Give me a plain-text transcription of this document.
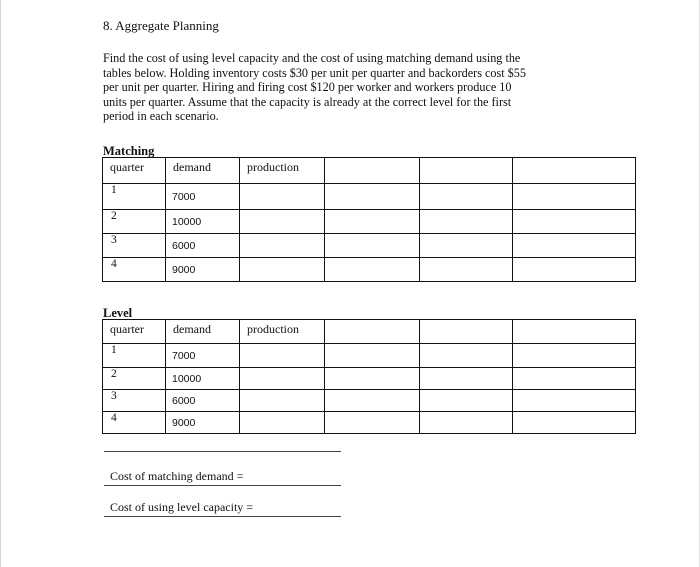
8. Aggregate Planning
Find the cost of using level capacity and the cost of using matching demand using the
tables below. Holding inventory costs $30 per unit per quarter and backorders cost $55
per unit per quarter. Hiring and firing cost $120 per worker and workers produce 10
units per quarter. Assume that the capacity is already at the correct level for the first
period in each scenario.
Matching
quarter	demand	production			
1	7000				
2	10000				
3	6000				
4	9000				
Level
quarter	demand	production			
1	7000				
2	10000				
3	6000				
4	9000				
Cost of matching demand =
Cost of using level capacity =
